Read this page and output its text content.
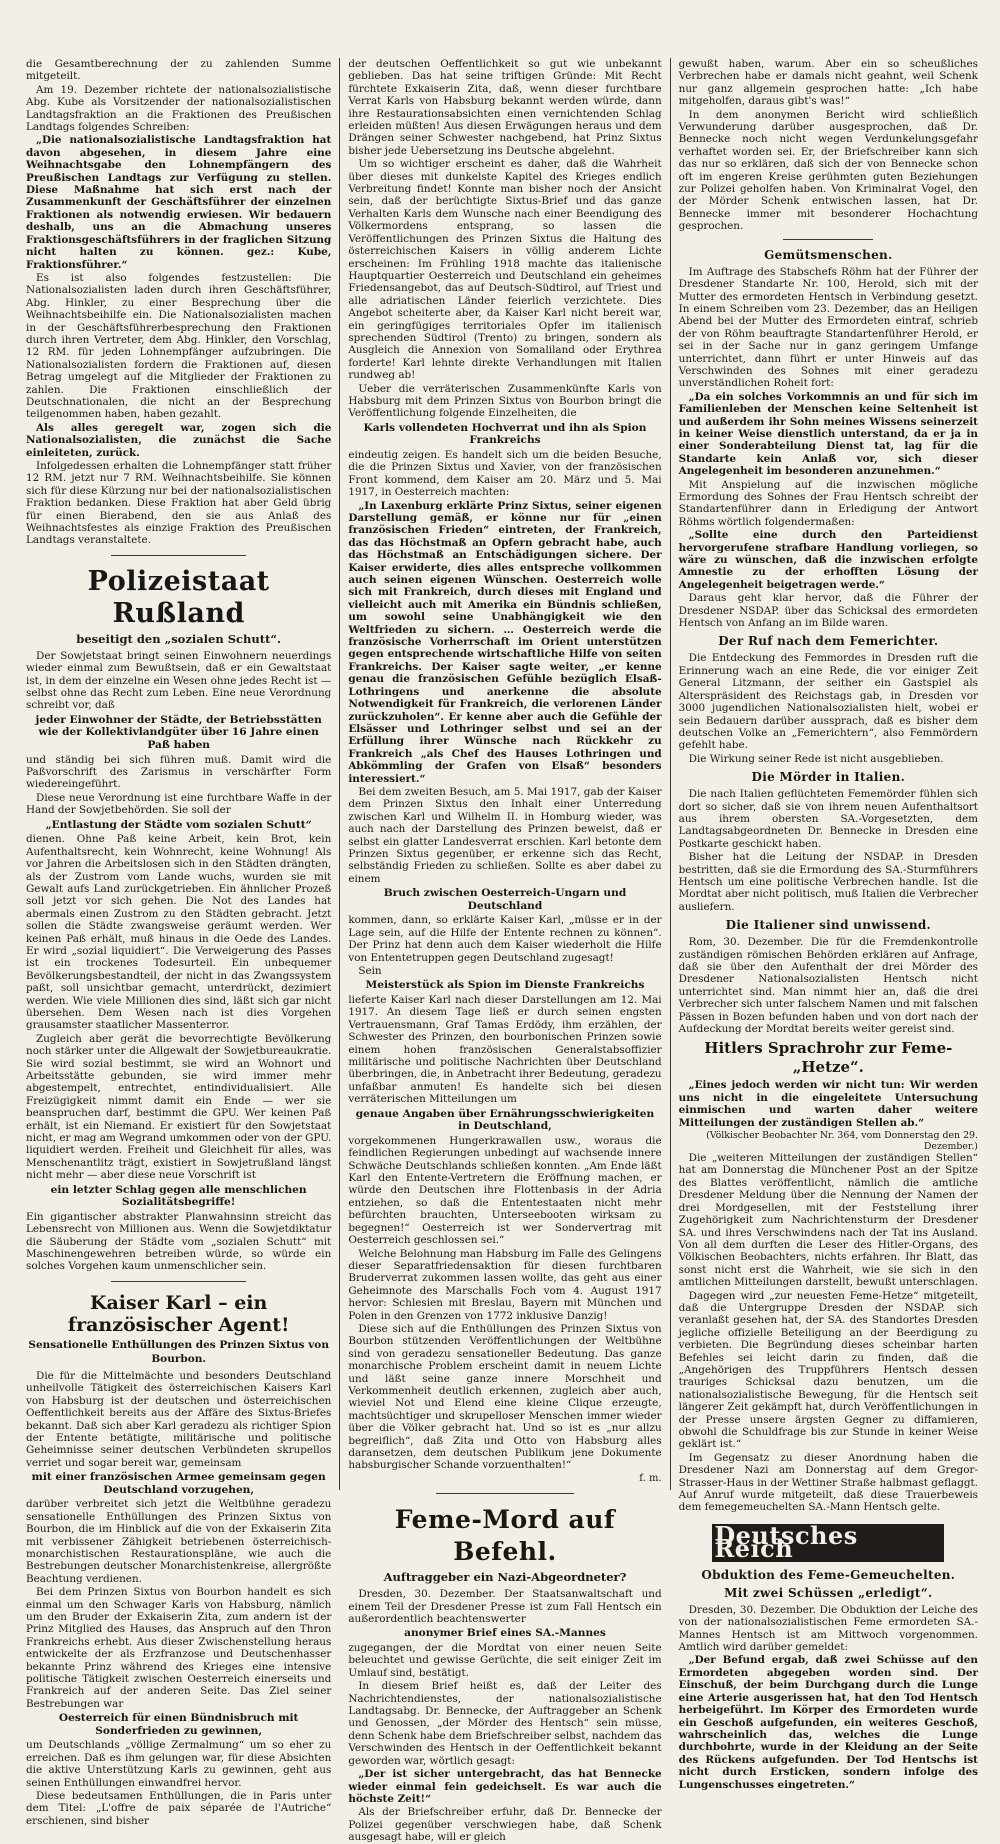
die Gesamtberechnung der zu zahlenden Summe mitgeteilt.

Am 19. Dezember richtete der nationalsozialistische Abg. Kube als Vorsitzender der nationalsozialistischen Landtagsfraktion an die Fraktionen des Preußischen Landtags folgendes Schreiben:

„Die nationalsozialistische Landtagsfraktion hat davon abgesehen, in diesem Jahre eine Weihnachtsgabe den Lohnempfängern des Preußischen Landtags zur Verfügung zu stellen. Diese Maßnahme hat sich erst nach der Zusammenkunft der Geschäftsführer der einzelnen Fraktionen als notwendig erwiesen. Wir bedauern deshalb, uns an die Abmachung unseres Fraktionsgeschäftsführers in der fraglichen Sitzung nicht halten zu können. gez.: Kube, Fraktionsführer.“

Es ist also folgendes festzustellen: Die Nationalsozialisten laden durch ihren Geschäftsführer, Abg. Hinkler, zu einer Besprechung über die Weihnachtsbeihilfe ein. Die Nationalsozialisten machen in der Geschäftsführerbesprechung den Fraktionen durch ihren Vertreter, dem Abg. Hinkler, den Vorschlag, 12 RM. für jeden Lohnempfänger aufzubringen. Die Nationalsozialisten fordern die Fraktionen auf, diesen Betrag umgelegt auf die Mitglieder der Fraktionen zu zahlen. Die Fraktionen einschließlich der Deutschnationalen, die nicht an der Besprechung teilgenommen haben, haben gezahlt.

Als alles geregelt war, zogen sich die Nationalsozialisten, die zunächst die Sache einleiteten, zurück.

Infolgedessen erhalten die Lohnempfänger statt früher 12 RM. jetzt nur 7 RM. Weihnachtsbeihilfe. Sie können sich für diese Kürzung nur bei der nationalsozialistischen Fraktion bedanken. Diese Fraktion hat aber Geld übrig für einen Bierabend, den sie aus Anlaß des Weihnachtsfestes als einzige Fraktion des Preußischen Landtags veranstaltete.

Polizeistaat Rußland
beseitigt den „sozialen Schutt“.

Der Sowjetstaat bringt seinen Einwohnern neuerdings wieder einmal zum Bewußtsein, daß er ein Gewaltstaat ist, in dem der einzelne ein Wesen ohne jedes Recht ist — selbst ohne das Recht zum Leben. Eine neue Verordnung schreibt vor, daß

jeder Einwohner der Städte, der Betriebsstätten wie der Kollektivlandgüter über 16 Jahre einen Paß haben

und ständig bei sich führen muß. Damit wird die Paßvorschrift des Zarismus in verschärfter Form wiedereingeführt.

Diese neue Verordnung ist eine furchtbare Waffe in der Hand der Sowjetbehörden. Sie soll der

„Entlastung der Städte vom sozialen Schutt“

dienen. Ohne Paß keine Arbeit, kein Brot, kein Aufenthaltsrecht, kein Wohnrecht, keine Wohnung! Als vor Jahren die Arbeitslosen sich in den Städten drängten, als der Zustrom vom Lande wuchs, wurden sie mit Gewalt aufs Land zurückgetrieben. Ein ähnlicher Prozeß soll jetzt vor sich gehen. Die Not des Landes hat abermals einen Zustrom zu den Städten gebracht. Jetzt sollen die Städte zwangsweise geräumt werden. Wer keinen Paß erhält, muß hinaus in die Oede des Landes. Er wird „sozial liquidiert“. Die Verweigerung des Passes ist ein trockenes Todesurteil. Ein unbequemer Bevölkerungsbestandteil, der nicht in das Zwangssystem paßt, soll unsichtbar gemacht, unterdrückt, dezimiert werden. Wie viele Millionen dies sind, läßt sich gar nicht übersehen. Dem Wesen nach ist dies Vorgehen grausamster staatlicher Massenterror.

Zugleich aber gerät die bevorrechtigte Bevölkerung noch stärker unter die Allgewalt der Sowjetbureaukratie. Sie wird sozial bestimmt, sie wird an Wohnort und Arbeitsstätte gebunden, sie wird immer mehr abgestempelt, entrechtet, entindividualisiert. Alle Freizügigkeit nimmt damit ein Ende — wer sie beanspruchen darf, bestimmt die GPU. Wer keinen Paß erhält, ist ein Niemand. Er existiert für den Sowjetstaat nicht, er mag am Wegrand umkommen oder von der GPU. liquidiert werden. Freiheit und Gleichheit für alles, was Menschenantlitz trägt, existiert in Sowjetrußland längst nicht mehr — aber diese neue Vorschrift ist

ein letzter Schlag gegen alle menschlichen Sozialitätsbegriffe!

Ein gigantischer abstrakter Planwahnsinn streicht das Lebensrecht von Millionen aus. Wenn die Sowjetdiktatur die Säuberung der Städte vom „sozialen Schutt“ mit Maschinengewehren betreiben würde, so würde ein solches Vorgehen kaum unmenschlicher sein.

Kaiser Karl – ein französischer Agent!
Sensationelle Enthüllungen des Prinzen Sixtus von Bourbon.

Die für die Mittelmächte und besonders Deutschland unheilvolle Tätigkeit des österreichischen Kaisers Karl von Habsburg ist der deutschen und österreichischen Oeffentlichkeit bereits aus der Affäre des Sixtus-Briefes bekannt. Daß sich aber Karl geradezu als richtiger Spion der Entente betätigte, militärische und politische Geheimnisse seiner deutschen Verbündeten skrupellos verriet und sogar bereit war, gemeinsam

mit einer französischen Armee gemeinsam gegen Deutschland vorzugehen,

darüber verbreitet sich jetzt die Weltbühne geradezu sensationelle Enthüllungen des Prinzen Sixtus von Bourbon, die im Hinblick auf die von der Exkaiserin Zita mit verbissener Zähigkeit betriebenen österreichisch-monarchistischen Restaurationspläne, wie auch die Bestrebungen deutscher Monarchistenkreise, allergrößte Beachtung verdienen.

Bei dem Prinzen Sixtus von Bourbon handelt es sich einmal um den Schwager Karls von Habsburg, nämlich um den Bruder der Exkaiserin Zita, zum andern ist der Prinz Mitglied des Hauses, das Anspruch auf den Thron Frankreichs erhebt. Aus dieser Zwischenstellung heraus entwickelte der als Erzfranzose und Deutschenhasser bekannte Prinz während des Krieges eine intensive politische Tätigkeit zwischen Oesterreich einerseits und Frankreich auf der anderen Seite. Das Ziel seiner Bestrebungen war

Oesterreich für einen Bündnisbruch mit Sonderfrieden zu gewinnen,

um Deutschlands „völlige Zermalmung“ um so eher zu erreichen. Daß es ihm gelungen war, für diese Absichten die aktive Unterstützung Karls zu gewinnen, geht aus seinen Enthüllungen einwandfrei hervor.

Diese bedeutsamen Enthüllungen, die in Paris unter dem Titel: „L'offre de paix séparée de l'Autriche“ erschienen, sind bisher

der deutschen Oeffentlichkeit so gut wie unbekannt geblieben. Das hat seine triftigen Gründe: Mit Recht fürchtete Exkaiserin Zita, daß, wenn dieser furchtbare Verrat Karls von Habsburg bekannt werden würde, dann ihre Restaurationsabsichten einen vernichtenden Schlag erleiden müßten! Aus diesen Erwägungen heraus und dem Drängen seiner Schwester nachgebend, hat Prinz Sixtus bisher jede Uebersetzung ins Deutsche abgelehnt.

Um so wichtiger erscheint es daher, daß die Wahrheit über dieses mit dunkelste Kapitel des Krieges endlich Verbreitung findet! Konnte man bisher noch der Ansicht sein, daß der berüchtigte Sixtus-Brief und das ganze Verhalten Karls dem Wunsche nach einer Beendigung des Völkermordens entsprang, so lassen die Veröffentlichungen des Prinzen Sixtus die Haltung des österreichischen Kaisers in völlig anderem Lichte erscheinen: Im Frühling 1918 machte das italienische Hauptquartier Oesterreich und Deutschland ein geheimes Friedensangebot, das auf Deutsch-Südtirol, auf Triest und alle adriatischen Länder feierlich verzichtete. Dies Angebot scheiterte aber, da Kaiser Karl nicht bereit war, ein geringfügiges territoriales Opfer im italienisch sprechenden Südtirol (Trento) zu bringen, sondern als Ausgleich die Annexion von Somaliland oder Erythrea forderte! Karl lehnte direkte Verhandlungen mit Italien rundweg ab!

Ueber die verräterischen Zusammenkünfte Karls von Habsburg mit dem Prinzen Sixtus von Bourbon bringt die Veröffentlichung folgende Einzelheiten, die

Karls vollendeten Hochverrat und ihn als Spion Frankreichs

eindeutig zeigen. Es handelt sich um die beiden Besuche, die die Prinzen Sixtus und Xavier, von der französischen Front kommend, dem Kaiser am 20. März und 5. Mai 1917, in Oesterreich machten:

„In Laxenburg erklärte Prinz Sixtus, seiner eigenen Darstellung gemäß, er könne nur für „einen französischen Frieden“ eintreten, der Frankreich, das das Höchstmaß an Opfern gebracht habe, auch das Höchstmaß an Entschädigungen sichere. Der Kaiser erwiderte, dies alles entspreche vollkommen auch seinen eigenen Wünschen. Oesterreich wolle sich mit Frankreich, durch dieses mit England und vielleicht auch mit Amerika ein Bündnis schließen, um sowohl seine Unabhängigkeit wie den Weltfrieden zu sichern. … Oesterreich werde die französische Vorherrschaft im Orient unterstützen gegen entsprechende wirtschaftliche Hilfe von seiten Frankreichs. Der Kaiser sagte weiter, „er kenne genau die französischen Gefühle bezüglich Elsaß-Lothringens und anerkenne die absolute Notwendigkeit für Frankreich, die verlorenen Länder zurückzuholen“. Er kenne aber auch die Gefühle der Elsässer und Lothringer selbst und sei an der Erfüllung ihrer Wünsche nach Rückkehr zu Frankreich „als Chef des Hauses Lothringen und Abkömmling der Grafen von Elsaß“ besonders interessiert.“

Bei dem zweiten Besuch, am 5. Mai 1917, gab der Kaiser dem Prinzen Sixtus den Inhalt einer Unterredung zwischen Karl und Wilhelm II. in Homburg wieder, was auch nach der Darstellung des Prinzen beweist, daß er selbst ein glatter Landesverrat erschien. Karl betonte dem Prinzen Sixtus gegenüber, er erkenne sich das Recht, selbständig Frieden zu schließen. Sollte es aber dabei zu einem

Bruch zwischen Oesterreich-Ungarn und Deutschland

kommen, dann, so erklärte Kaiser Karl, „müsse er in der Lage sein, auf die Hilfe der Entente rechnen zu können“. Der Prinz hat denn auch dem Kaiser wiederholt die Hilfe von Ententetruppen gegen Deutschland zugesagt!

Sein

Meisterstück als Spion im Dienste Frankreichs

lieferte Kaiser Karl nach dieser Darstellungen am 12. Mai 1917. An diesem Tage ließ er durch seinen engsten Vertrauensmann, Graf Tamas Erdödy, ihm erzählen, der Schwester des Prinzen, den bourbonischen Prinzen sowie einem hohen französischen Generalstabsoffizier militärische und politische Nachrichten über Deutschland überbringen, die, in Anbetracht ihrer Bedeutung, geradezu unfaßbar anmuten! Es handelte sich bei diesen verräterischen Mitteilungen um

genaue Angaben über Ernährungsschwierigkeiten in Deutschland,

vorgekommenen Hungerkrawallen usw., woraus die feindlichen Regierungen unbedingt auf wachsende innere Schwäche Deutschlands schließen konnten. „Am Ende läßt Karl den Entente-Vertretern die Eröffnung machen, er würde den Deutschen ihre Flottenbasis in der Adria entziehen, so daß die Ententestaaten nicht mehr befürchten brauchten, Unterseebooten wirksam zu begegnen!“ Oesterreich ist wer Sondervertrag mit Oesterreich geschlossen sei.“

Welche Belohnung man Habsburg im Falle des Gelingens dieser Separatfriedensaktion für diesen furchtbaren Bruderverrat zukommen lassen wollte, das geht aus einer Geheimnote des Marschalls Foch vom 4. August 1917 hervor: Schlesien mit Breslau, Bayern mit München und Polen in den Grenzen von 1772 inklusive Danzig!

Diese sich auf die Enthüllungen des Prinzen Sixtus von Bourbon stützenden Veröffentlichungen der Weltbühne sind von geradezu sensationeller Bedeutung. Das ganze monarchische Problem erscheint damit in neuem Lichte und läßt seine ganze innere Morschheit und Verkommenheit deutlich erkennen, zugleich aber auch, wieviel Not und Elend eine kleine Clique erzeugte, machtsüchtiger und skrupelloser Menschen immer wieder über die Völker gebracht hat. Und so ist es „nur allzu begreiflich“, daß Zita und Otto von Habsburg alles daransetzen, dem deutschen Publikum jene Dokumente habsburgischer Schande vorzuenthalten!“

f. m.
Feme-Mord auf Befehl.
Auftraggeber ein Nazi-Abgeordneter?

Dresden, 30. Dezember. Der Staatsanwaltschaft und einem Teil der Dresdener Presse ist zum Fall Hentsch ein außerordentlich beachtenswerter

anonymer Brief eines SA.-Mannes

zugegangen, der die Mordtat von einer neuen Seite beleuchtet und gewisse Gerüchte, die seit einiger Zeit im Umlauf sind, bestätigt.

In diesem Brief heißt es, daß der Leiter des Nachrichtendienstes, der nationalsozialistische Landtagsabg. Dr. Bennecke, der Auftraggeber an Schenk und Genossen, „der Mörder des Hentsch“ sein müsse, denn Schenk habe dem Briefschreiber selbst, nachdem das Verschwinden des Hentsch in der Oeffentlichkeit bekannt geworden war, wörtlich gesagt:

„Der ist sicher untergebracht, das hat Bennecke wieder einmal fein gedeichselt. Es war auch die höchste Zeit!“

Als der Briefschreiber erfuhr, daß Dr. Bennecke der Polizei gegenüber verschwiegen habe, daß Schenk ausgesagt habe, will er gleich

gewußt haben, warum. Aber ein so scheußliches Verbrechen habe er damals nicht geahnt, weil Schenk nur ganz allgemein gesprochen hatte: „Ich habe mitgeholfen, daraus gibt's was!“

In dem anonymen Bericht wird schließlich Verwunderung darüber ausgesprochen, daß Dr. Bennecke noch nicht wegen Verdunkelungsgefahr verhaftet worden sei. Er, der Briefschreiber kann sich das nur so erklären, daß sich der von Bennecke schon oft im engeren Kreise gerühmten guten Beziehungen zur Polizei geholfen haben. Von Kriminalrat Vogel, den der Mörder Schenk entwischen lassen, hat Dr. Bennecke immer mit besonderer Hochachtung gesprochen.

Gemütsmenschen.

Im Auftrage des Stabschefs Röhm hat der Führer der Dresdener Standarte Nr. 100, Herold, sich mit der Mutter des ermordeten Hentsch in Verbindung gesetzt. In einem Schreiben vom 23. Dezember, das an Heiligen Abend bei der Mutter des Ermordeten eintraf, schrieb der von Röhm beauftragte Standartenführer Herold, er sei in der Sache nur in ganz geringem Umfange unterrichtet, dann führt er unter Hinweis auf das Verschwinden des Sohnes mit einer geradezu unverständlichen Roheit fort:

„Da ein solches Vorkommnis an und für sich im Familienleben der Menschen keine Seltenheit ist und außerdem ihr Sohn meines Wissens seinerzeit in keiner Weise dienstlich unterstand, da er ja in einer Sonderabteilung Dienst tat, lag für die Standarte kein Anlaß vor, sich dieser Angelegenheit im besonderen anzunehmen.“

Mit Anspielung auf die inzwischen mögliche Ermordung des Sohnes der Frau Hentsch schreibt der Standartenführer dann in Erledigung der Antwort Röhms wörtlich folgendermaßen:

„Sollte eine durch den Parteidienst hervorgerufene strafbare Handlung vorliegen, so wäre zu wünschen, daß die inzwischen erfolgte Amnestie zu der erhofften Lösung der Angelegenheit beigetragen werde.“

Daraus geht klar hervor, daß die Führer der Dresdener NSDAP. über das Schicksal des ermordeten Hentsch von Anfang an im Bilde waren.

Der Ruf nach dem Femerichter.

Die Entdeckung des Femmordes in Dresden ruft die Erinnerung wach an eine Rede, die vor einiger Zeit General Litzmann, der seither ein Gastspiel als Alterspräsident des Reichstags gab, in Dresden vor 3000 jugendlichen Nationalsozialisten hielt, wobei er sein Bedauern darüber aussprach, daß es bisher dem deutschen Volke an „Femerichtern“, also Femmördern gefehlt habe.

Die Wirkung seiner Rede ist nicht ausgeblieben.

Die Mörder in Italien.

Die nach Italien geflüchteten Fememörder fühlen sich dort so sicher, daß sie von ihrem neuen Aufenthaltsort aus ihrem obersten SA.-Vorgesetzten, dem Landtagsabgeordneten Dr. Bennecke in Dresden eine Postkarte geschickt haben.

Bisher hat die Leitung der NSDAP. in Dresden bestritten, daß sie die Ermordung des SA.-Sturmführers Hentsch um eine politische Verbrechen handle. Ist die Mordtat aber nicht politisch, muß Italien die Verbrecher ausliefern.

Die Italiener sind unwissend.

Rom, 30. Dezember. Die für die Fremdenkontrolle zuständigen römischen Behörden erklären auf Anfrage, daß sie über den Aufenthalt der drei Mörder des Dresdener Nationalsozialisten Hentsch nicht unterrichtet sind. Man nimmt hier an, daß die drei Verbrecher sich unter falschem Namen und mit falschen Pässen in Bozen befunden haben und von dort nach der Aufdeckung der Mordtat bereits weiter gereist sind.

Hitlers Sprachrohr zur Feme-„Hetze“.

„Eines jedoch werden wir nicht tun: Wir werden uns nicht in die eingeleitete Untersuchung einmischen und warten daher weitere Mitteilungen der zuständigen Stellen ab.“

(Völkischer Beobachter Nr. 364, vom Donnerstag den 29. Dezember.)

Die „weiteren Mitteilungen der zuständigen Stellen“ hat am Donnerstag die Münchener Post an der Spitze des Blattes veröffentlicht, nämlich die amtliche Dresdener Meldung über die Nennung der Namen der drei Mordgesellen, mit der Feststellung ihrer Zugehörigkeit zum Nachrichtensturm der Dresdener SA. und ihres Verschwindens nach der Tat ins Ausland. Von all dem durften die Leser des Hitler-Organs, des Völkischen Beobachters, nichts erfahren. Ihr Blatt, das sonst nicht erst die Wahrheit, wie sie sich in den amtlichen Mitteilungen darstellt, bewußt unterschlagen.

Dagegen wird „zur neuesten Feme-Hetze“ mitgeteilt, daß die Untergruppe Dresden der NSDAP. sich veranlaßt gesehen hat, der SA. des Standortes Dresden jegliche offizielle Beteiligung an der Beerdigung zu verbieten. Die Begründung dieses scheinbar harten Befehles sei leicht darin zu finden, daß die „Angehörigen des Truppführers Hentsch dessen trauriges Schicksal dazu benutzen, um die nationalsozialistische Bewegung, für die Hentsch seit längerer Zeit gekämpft hat, durch Veröffentlichungen in der Presse unsere ärgsten Gegner zu diffamieren, obwohl die Schuldfrage bis zur Stunde in keiner Weise geklärt ist.“

Im Gegensatz zu dieser Anordnung haben die Dresdener Nazi am Donnerstag auf dem Gregor-Strasser-Haus in der Wettiner Straße halbmast geflaggt. Auf Anruf wurde mitgeteilt, daß diese Trauerbeweis dem femegemeuchelten SA.-Mann Hentsch gelte.

Deutsches Reich
Obduktion des Feme-Gemeuchelten.
Mit zwei Schüssen „erledigt“.

Dresden, 30. Dezember. Die Obduktion der Leiche des von der nationalsozialistischen Feme ermordeten SA.-Mannes Hentsch ist am Mittwoch vorgenommen. Amtlich wird darüber gemeldet:

„Der Befund ergab, daß zwei Schüsse auf den Ermordeten abgegeben worden sind. Der Einschuß, der beim Durchgang durch die Lunge eine Arterie ausgerissen hat, hat den Tod Hentsch herbeigeführt. Im Körper des Ermordeten wurde ein Geschoß aufgefunden, ein weiteres Geschoß, wahrscheinlich das, welches die Lunge durchbohrte, wurde in der Kleidung an der Seite des Rückens aufgefunden. Der Tod Hentschs ist nicht durch Ersticken, sondern infolge des Lungenschusses eingetreten.“
